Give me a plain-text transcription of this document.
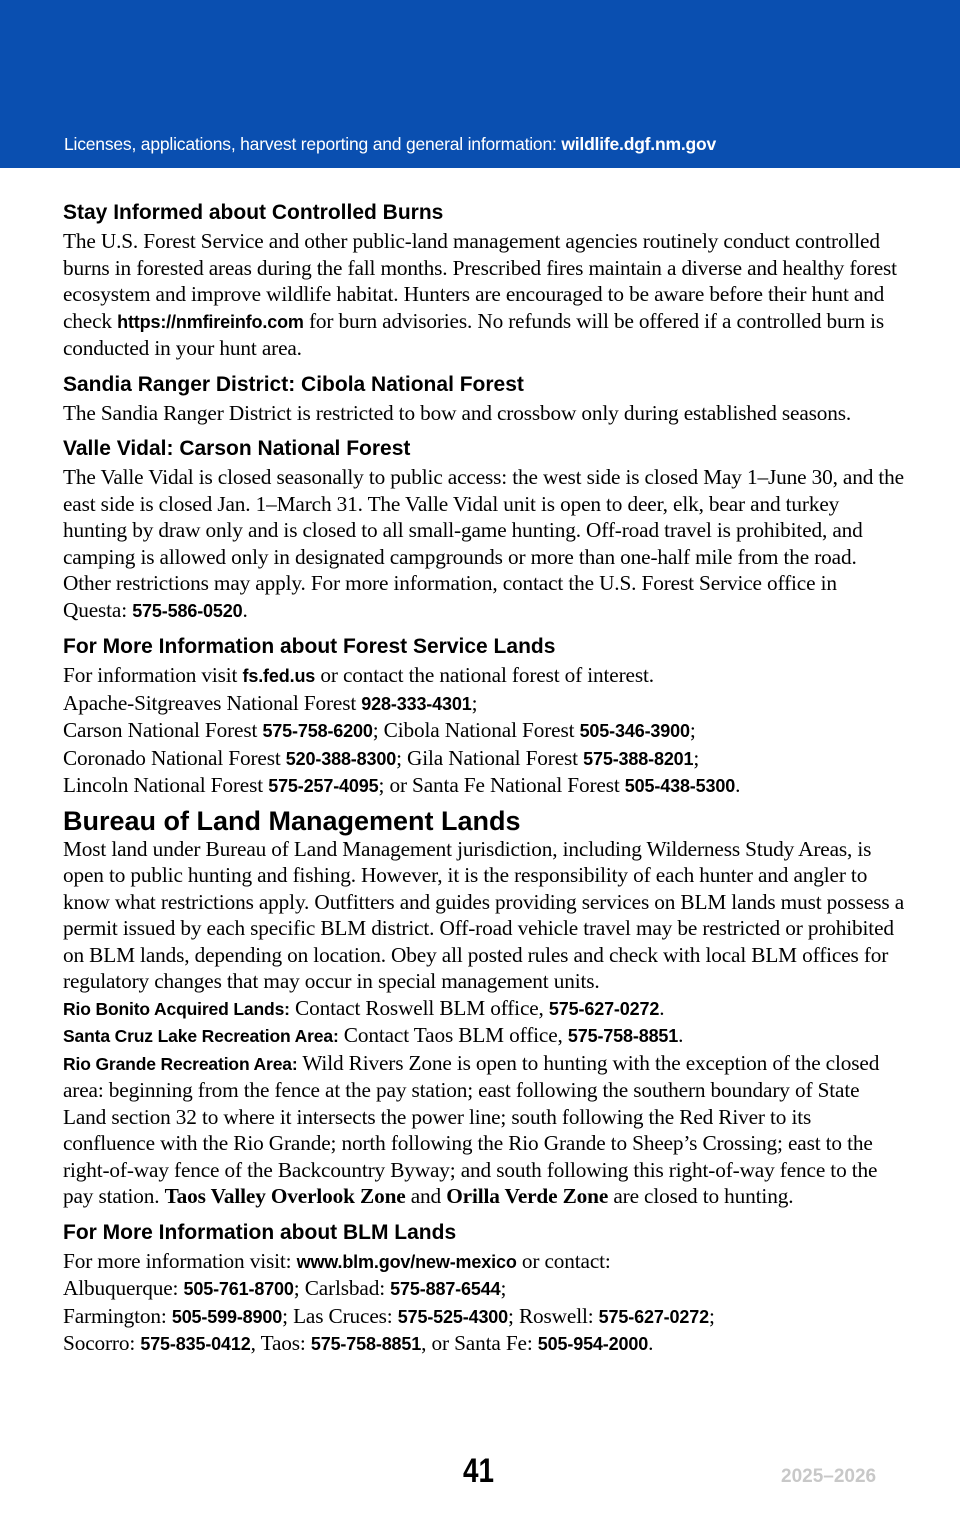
Licenses, applications, harvest reporting and general information: wildlife.dgf.nm.gov
Stay Informed about Controlled Burns

The U.S. Forest Service and other public-land management agencies routinely conduct controlled burns in forested areas during the fall months. Prescribed fires maintain a diverse and healthy forest ecosystem and improve wildlife habitat. Hunters are encouraged to be aware before their hunt and check https://nmfireinfo.com for burn advisories. No refunds will be offered if a controlled burn is conducted in your hunt area.

Sandia Ranger District: Cibola National Forest

The Sandia Ranger District is restricted to bow and crossbow only during established seasons.

Valle Vidal: Carson National Forest

The Valle Vidal is closed seasonally to public access: the west side is closed May 1–June 30, and the east side is closed Jan. 1–March 31. The Valle Vidal unit is open to deer, elk, bear and turkey hunting by draw only and is closed to all small-game hunting. Off-road travel is prohibited, and camping is allowed only in designated campgrounds or more than one-half mile from the road. Other restrictions may apply. For more information, contact the U.S. Forest Service office in Questa: 575-586-0520.

For More Information about Forest Service Lands

For information visit fs.fed.us or contact the national forest of interest.
Apache-Sitgreaves National Forest 928-333-4301;
Carson National Forest 575-758-6200; Cibola National Forest 505-346-3900;
Coronado National Forest 520-388-8300; Gila National Forest 575-388-8201;
Lincoln National Forest 575-257-4095; or Santa Fe National Forest 505-438-5300.

Bureau of Land Management Lands

Most land under Bureau of Land Management jurisdiction, including Wilderness Study Areas, is open to public hunting and fishing. However, it is the responsibility of each hunter and angler to know what restrictions apply. Outfitters and guides providing services on BLM lands must possess a permit issued by each specific BLM district. Off-road vehicle travel may be restricted or prohibited on BLM lands, depending on location. Obey all posted rules and check with local BLM offices for regulatory changes that may occur in special management units.

Rio Bonito Acquired Lands: Contact Roswell BLM office, 575-627-0272.

Santa Cruz Lake Recreation Area: Contact Taos BLM office, 575-758-8851.

Rio Grande Recreation Area: Wild Rivers Zone is open to hunting with the exception of the closed area: beginning from the fence at the pay station; east following the southern boundary of State Land section 32 to where it intersects the power line; south following the Red River to its confluence with the Rio Grande; north following the Rio Grande to Sheep’s Crossing; east to the right-of-way fence of the Backcountry Byway; and south following this right-of-way fence to the pay station. Taos Valley Overlook Zone and Orilla Verde Zone are closed to hunting.

For More Information about BLM Lands

For more information visit: www.blm.gov/new-mexico or contact:
Albuquerque: 505-761-8700; Carlsbad: 575-887-6544;
Farmington: 505-599-8900; Las Cruces: 575-525-4300; Roswell: 575-627-0272;
Socorro: 575-835-0412, Taos: 575-758-8851, or Santa Fe: 505-954-2000.

41	2025–2026
